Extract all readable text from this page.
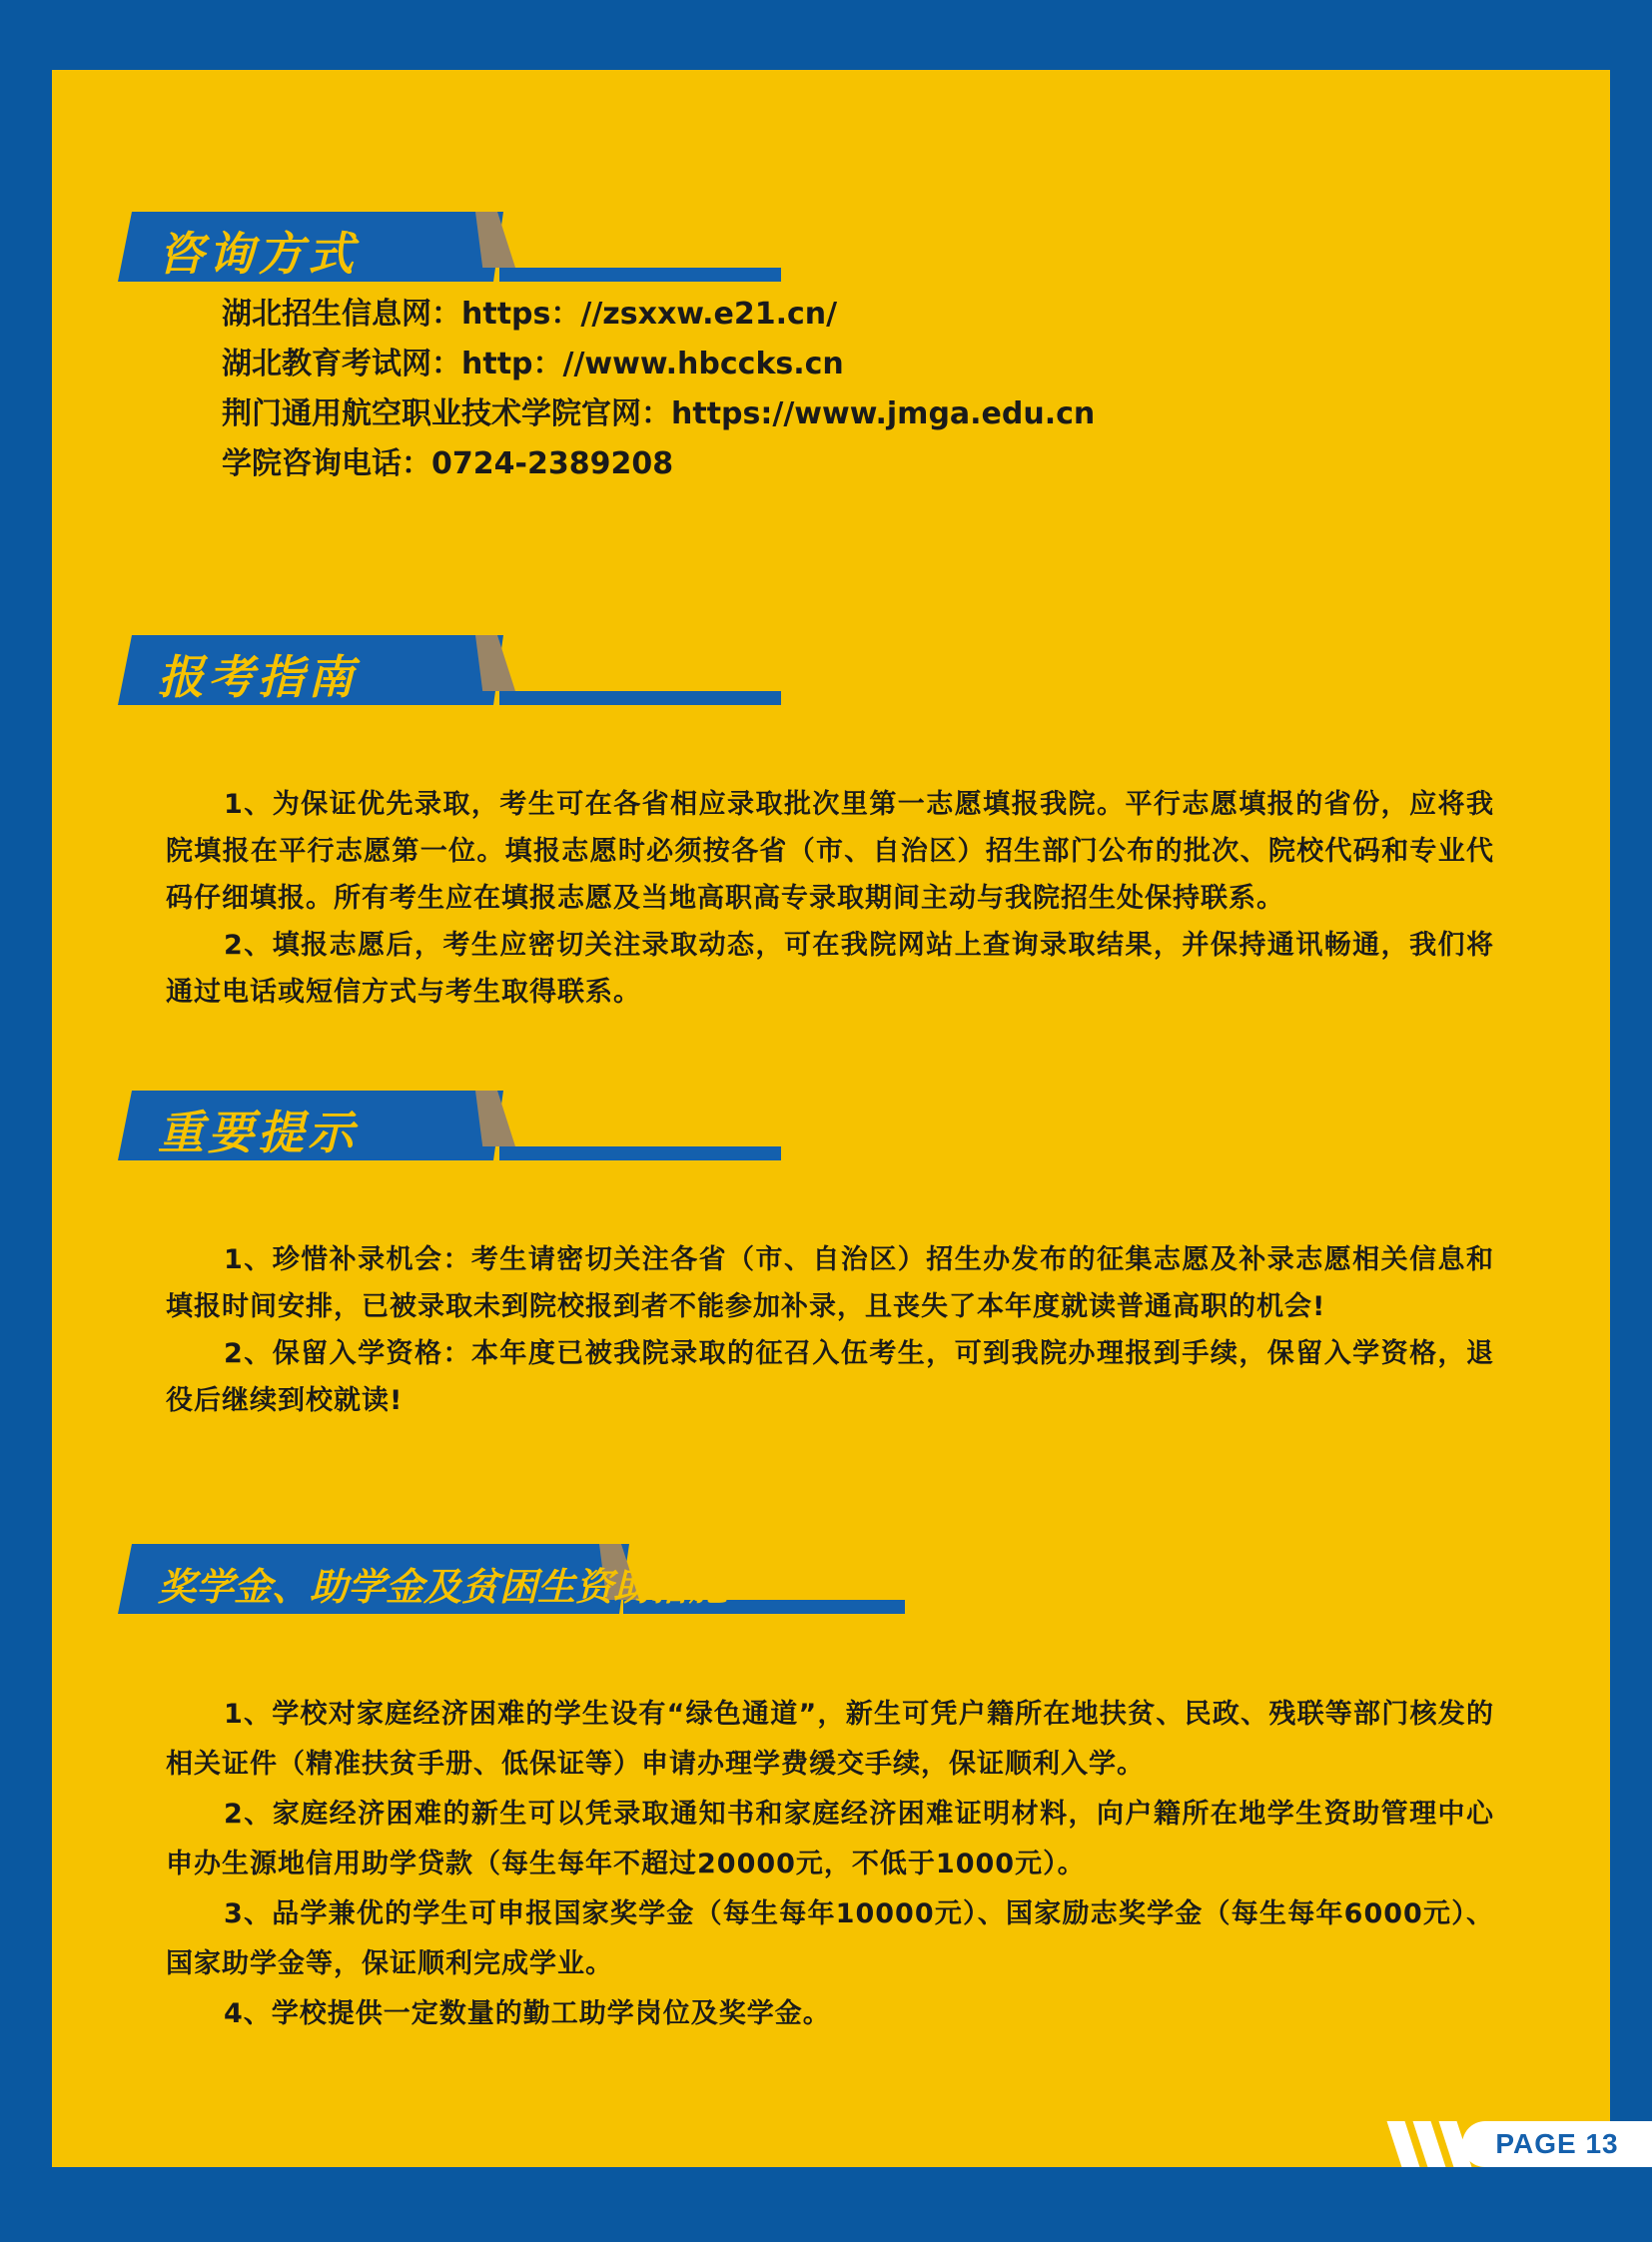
咨询方式
湖北招生信息网：https：//zsxxw.e21.cn/
湖北教育考试网：http：//www.hbccks.cn
荆门通用航空职业技术学院官网：https://www.jmga.edu.cn
学院咨询电话：0724-2389208
报考指南

1、为保证优先录取，考生可在各省相应录取批次里第一志愿填报我院。平行志愿填报的省份，应将我院填报在平行志愿第一位。填报志愿时必须按各省（市、自治区）招生部门公布的批次、院校代码和专业代码仔细填报。所有考生应在填报志愿及当地高职高专录取期间主动与我院招生处保持联系。

2、填报志愿后，考生应密切关注录取动态，可在我院网站上查询录取结果，并保持通讯畅通，我们将通过电话或短信方式与考生取得联系。

重要提示

1、珍惜补录机会：考生请密切关注各省（市、自治区）招生办发布的征集志愿及补录志愿相关信息和填报时间安排，已被录取未到院校报到者不能参加补录，且丧失了本年度就读普通高职的机会!

2、保留入学资格：本年度已被我院录取的征召入伍考生，可到我院办理报到手续，保留入学资格，退役后继续到校就读!

奖学金、助学金及贫困生资助措施

1、学校对家庭经济困难的学生设有“绿色通道”，新生可凭户籍所在地扶贫、民政、残联等部门核发的相关证件（精准扶贫手册、低保证等）申请办理学费缓交手续，保证顺利入学。

2、家庭经济困难的新生可以凭录取通知书和家庭经济困难证明材料，向户籍所在地学生资助管理中心申办生源地信用助学贷款（每生每年不超过20000元，不低于1000元）。

3、品学兼优的学生可申报国家奖学金（每生每年10000元）、国家励志奖学金（每生每年6000元）、国家助学金等，保证顺利完成学业。

4、学校提供一定数量的勤工助学岗位及奖学金。

PAGE 13
